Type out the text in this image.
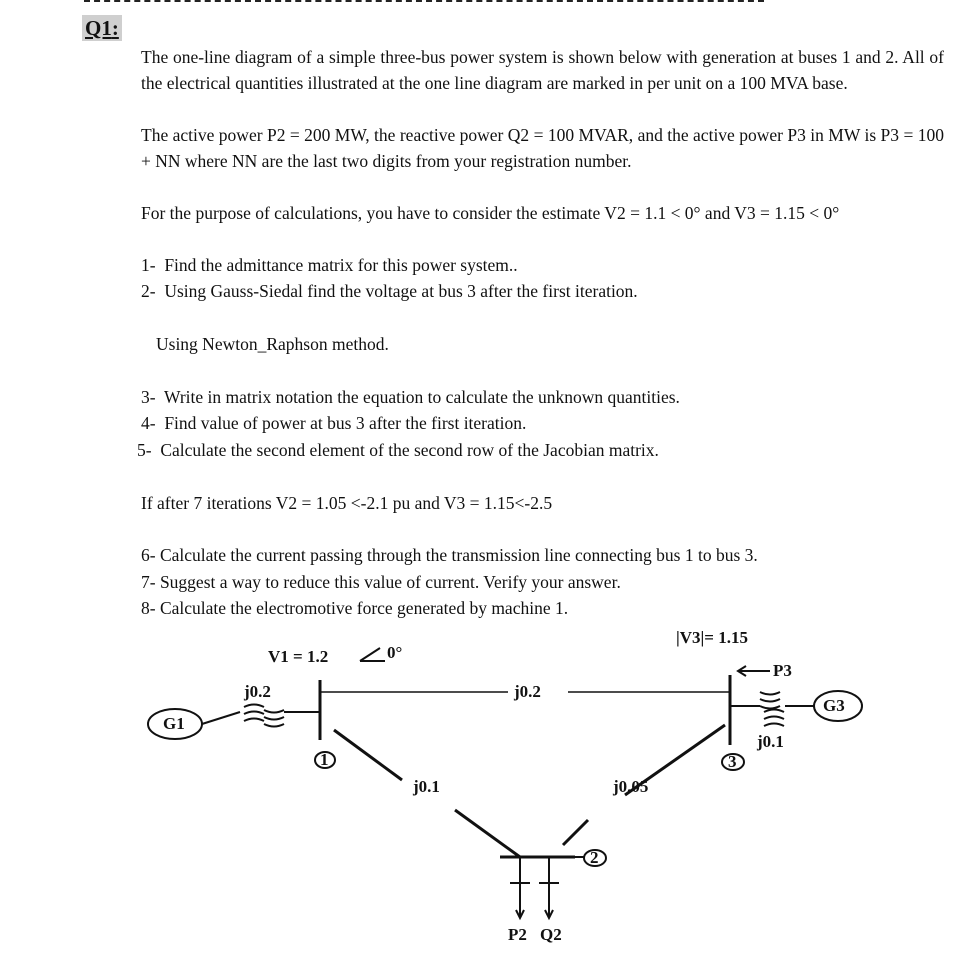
Q1:
The one-line diagram of a simple three-bus power system is shown below with generation at buses 1 and 2. All of the electrical quantities illustrated at the one line diagram are marked in per unit on a 100 MVA base.
The active power P2 = 200 MW, the reactive power Q2 = 100 MVAR, and the active power P3 in MW is P3 = 100 + NN where NN are the last two digits from your registration number.
For the purpose of calculations, you have to consider the estimate V2 = 1.1 < 0° and V3 = 1.15 < 0°
1- Find the admittance matrix for this power system..
2- Using Gauss-Siedal find the voltage at bus 3 after the first iteration.
Using Newton_Raphson method.
3- Write in matrix notation the equation to calculate the unknown quantities.
4- Find value of power at bus 3 after the first iteration.
5- Calculate the second element of the second row of the Jacobian matrix.
If after 7 iterations V2 = 1.05 <-2.1 pu and V3 = 1.15<-2.5
6- Calculate the current passing through the transmission line connecting bus 1 to bus 3.
7- Suggest a way to reduce this value of current. Verify your answer.
8- Calculate the electromotive force generated by machine 1.
V1 = 1.2	0°
|V3|= 1.15
P3
G1
G3
j0.2	j0.2
j0.1
j0.1	j0.05
1
2
3
P2 Q2
